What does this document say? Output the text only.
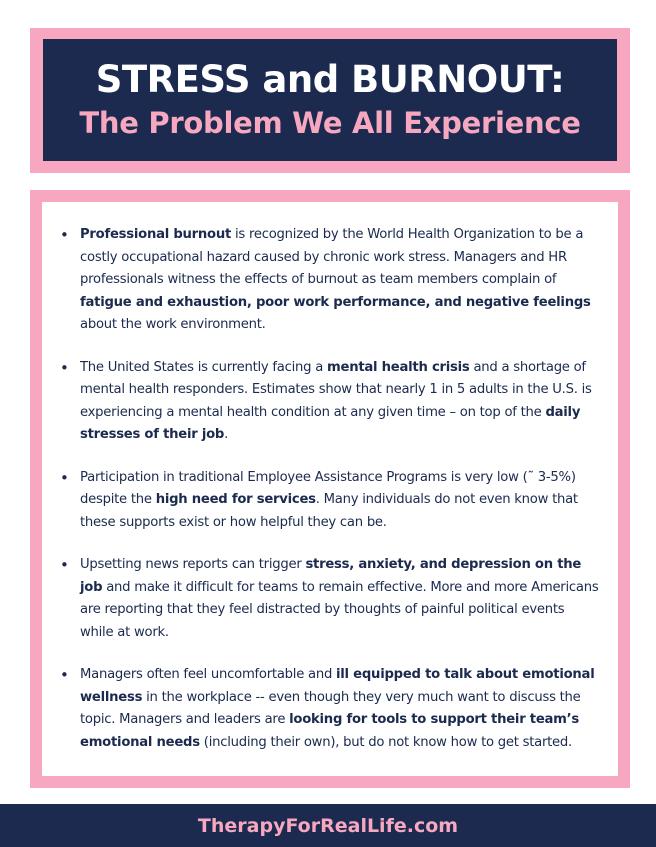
STRESS and BURNOUT:
The Problem We All Experience
• Professional burnout is recognized by the World Health Organization to be a costly occupational hazard caused by chronic work stress. Managers and HR professionals witness the effects of burnout as team members complain of fatigue and exhaustion, poor work performance, and negative feelings about the work environment.
• The United States is currently facing a mental health crisis and a shortage of mental health responders. Estimates show that nearly 1 in 5 adults in the U.S. is experiencing a mental health condition at any given time – on top of the daily stresses of their job.
• Participation in traditional Employee Assistance Programs is very low (˜ 3-5%) despite the high need for services. Many individuals do not even know that these supports exist or how helpful they can be.
• Upsetting news reports can trigger stress, anxiety, and depression on the job and make it difficult for teams to remain effective. More and more Americans are reporting that they feel distracted by thoughts of painful political events while at work.
• Managers often feel uncomfortable and ill equipped to talk about emotional wellness in the workplace -- even though they very much want to discuss the topic. Managers and leaders are looking for tools to support their team’s emotional needs (including their own), but do not know how to get started.
TherapyForRealLife.com
